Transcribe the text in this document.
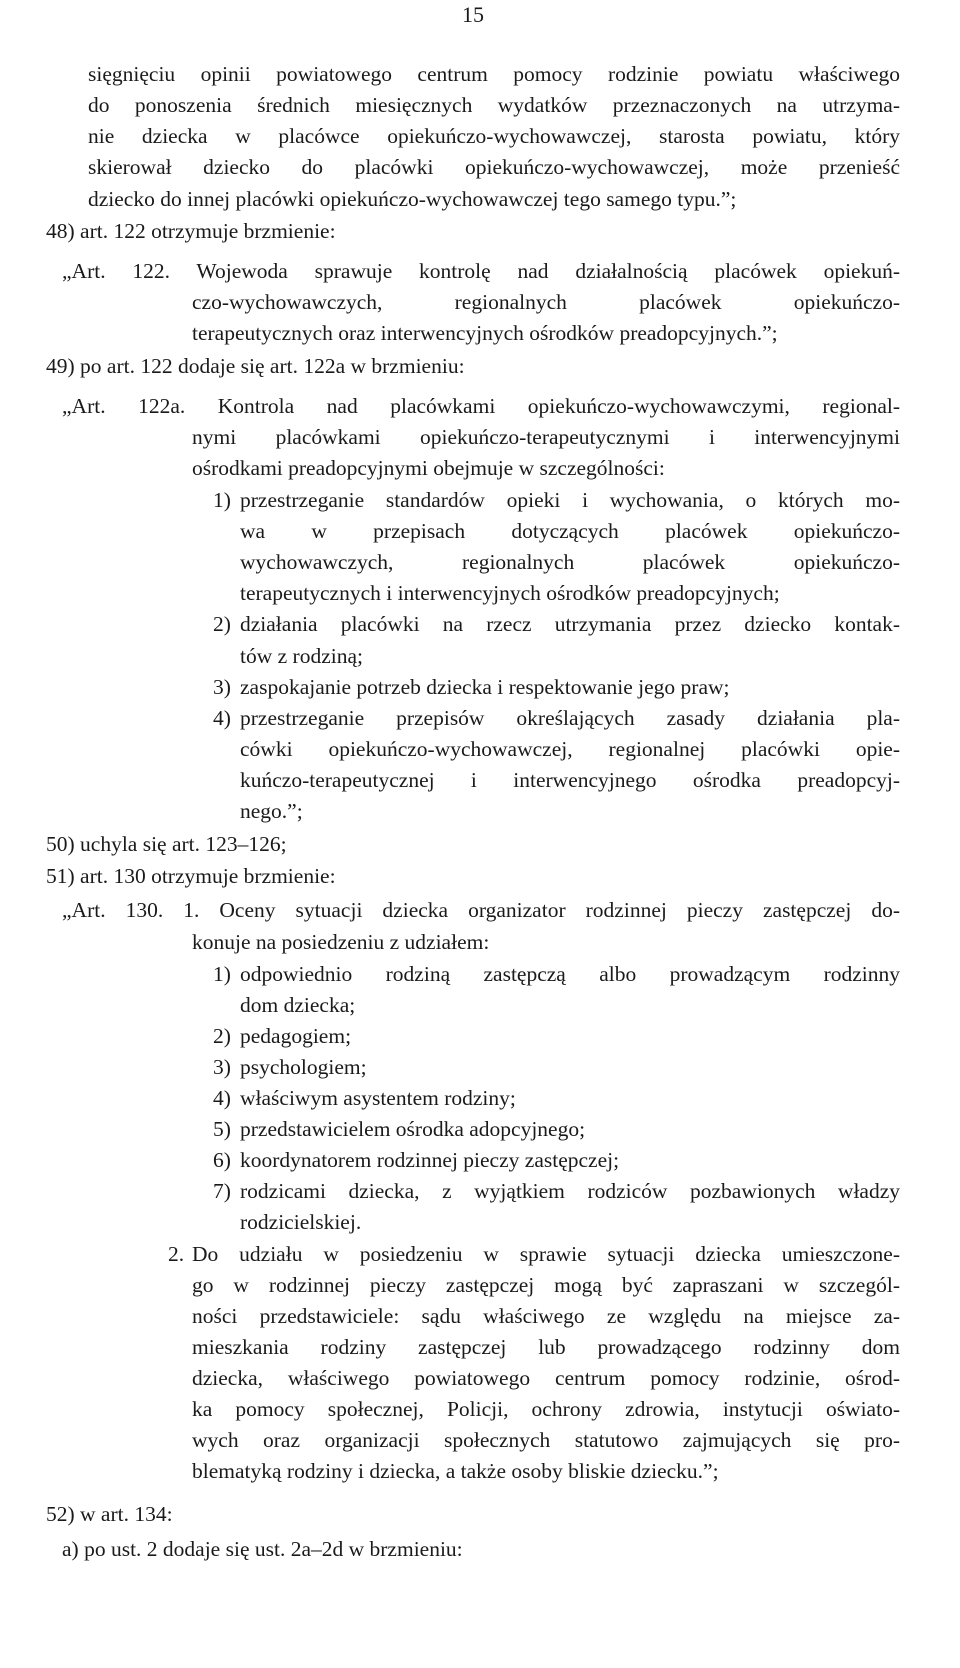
15
sięgnięciu opinii powiatowego centrum pomocy rodzinie powiatu właściwego
do ponoszenia średnich miesięcznych wydatków przeznaczonych na utrzyma-
nie dziecka w placówce opiekuńczo-wychowawczej, starosta powiatu, który
skierował dziecko do placówki opiekuńczo-wychowawczej, może przenieść
dziecko do innej placówki opiekuńczo-wychowawczej tego samego typu.”;
48) art. 122 otrzymuje brzmienie:
„Art. 122. Wojewoda sprawuje kontrolę nad działalnością placówek opiekuń-
czo-wychowawczych, regionalnych placówek opiekuńczo-
terapeutycznych oraz interwencyjnych ośrodków preadopcyjnych.”;
49) po art. 122 dodaje się art. 122a w brzmieniu:
„Art. 122a. Kontrola nad placówkami opiekuńczo-wychowawczymi, regional-
nymi placówkami opiekuńczo-terapeutycznymi i interwencyjnymi
ośrodkami preadopcyjnymi obejmuje w szczególności:
1) przestrzeganie standardów opieki i wychowania, o których mo-
wa w przepisach dotyczących placówek opiekuńczo-
wychowawczych, regionalnych placówek opiekuńczo-
terapeutycznych i interwencyjnych ośrodków preadopcyjnych;
2) działania placówki na rzecz utrzymania przez dziecko kontak-
tów z rodziną;
3) zaspokajanie potrzeb dziecka i respektowanie jego praw;
4) przestrzeganie przepisów określających zasady działania pla-
cówki opiekuńczo-wychowawczej, regionalnej placówki opie-
kuńczo-terapeutycznej i interwencyjnego ośrodka preadopcyj-
nego.”;
50) uchyla się art. 123–126;
51) art. 130 otrzymuje brzmienie:
„Art. 130. 1. Oceny sytuacji dziecka organizator rodzinnej pieczy zastępczej do-
konuje na posiedzeniu z udziałem:
1) odpowiednio rodziną zastępczą albo prowadzącym rodzinny
dom dziecka;
2) pedagogiem;
3) psychologiem;
4) właściwym asystentem rodziny;
5) przedstawicielem ośrodka adopcyjnego;
6) koordynatorem rodzinnej pieczy zastępczej;
7) rodzicami dziecka, z wyjątkiem rodziców pozbawionych władzy
rodzicielskiej.
2. Do udziału w posiedzeniu w sprawie sytuacji dziecka umieszczone-
go w rodzinnej pieczy zastępczej mogą być zapraszani w szczegól-
ności przedstawiciele: sądu właściwego ze względu na miejsce za-
mieszkania rodziny zastępczej lub prowadzącego rodzinny dom
dziecka, właściwego powiatowego centrum pomocy rodzinie, ośrod-
ka pomocy społecznej, Policji, ochrony zdrowia, instytucji oświato-
wych oraz organizacji społecznych statutowo zajmujących się pro-
blematyką rodziny i dziecka, a także osoby bliskie dziecku.”;
52) w art. 134:
a) po ust. 2 dodaje się ust. 2a–2d w brzmieniu:
